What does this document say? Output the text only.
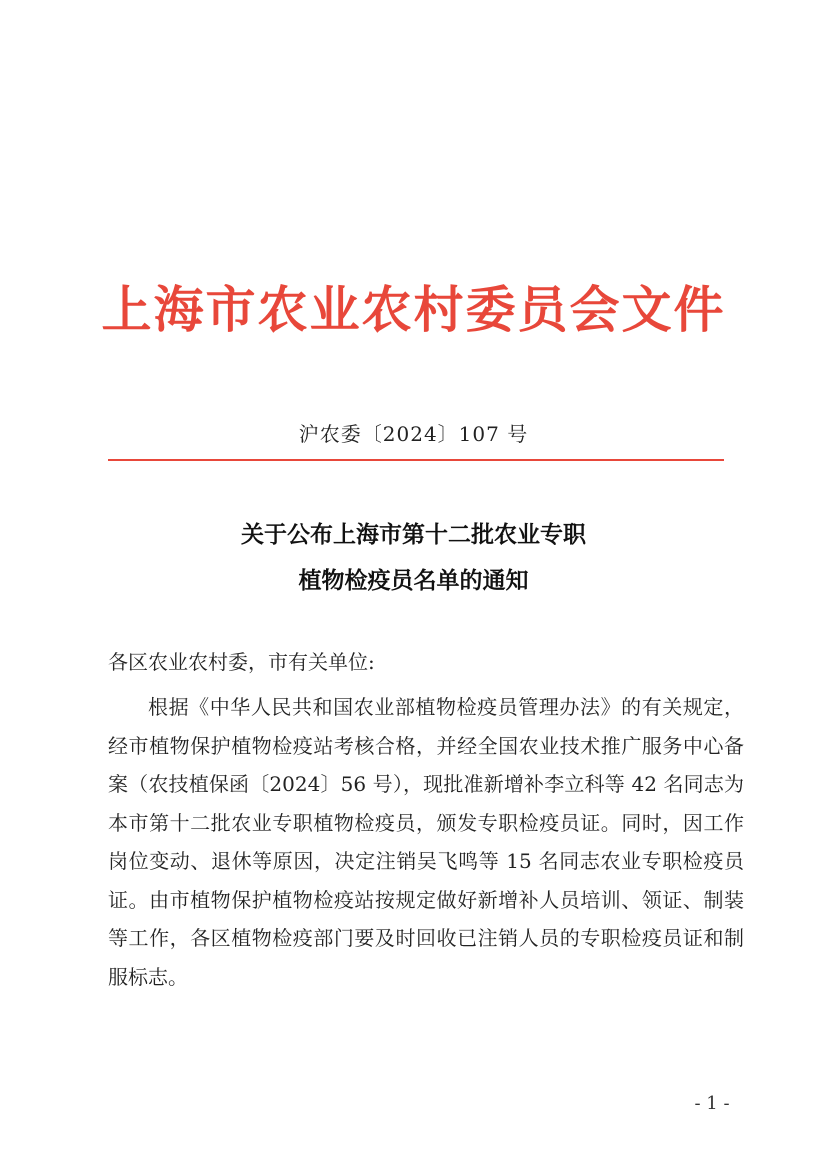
上海市农业农村委员会文件
沪农委〔2024〕107 号
关于公布上海市第十二批农业专职
植物检疫员名单的通知
各区农业农村委，市有关单位:
根据《中华人民共和国农业部植物检疫员管理办法》的有关规定，经市植物保护植物检疫站考核合格，并经全国农业技术推广服务中心备案（农技植保函〔2024〕56 号），现批准新增补李立科等 42 名同志为本市第十二批农业专职植物检疫员，颁发专职检疫员证。同时，因工作岗位变动、退休等原因，决定注销吴飞鸣等 15 名同志农业专职检疫员证。由市植物保护植物检疫站按规定做好新增补人员培训、领证、制装等工作，各区植物检疫部门要及时回收已注销人员的专职检疫员证和制服标志。
- 1 -
